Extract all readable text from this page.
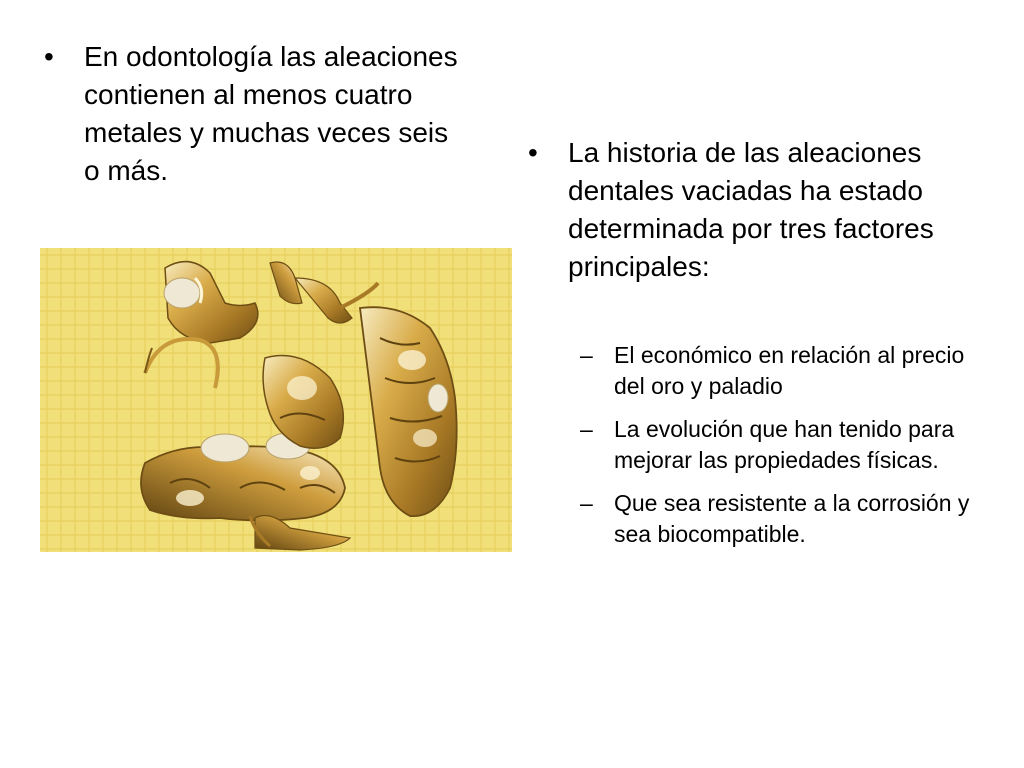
•	En odontología las aleaciones contienen al menos cuatro metales y muchas veces seis o más.
•	La historia de las aleaciones dentales vaciadas ha estado determinada por tres factores principales:
– El económico en relación al precio del oro y paladio
– La evolución que han tenido para mejorar las propiedades físicas.
– Que sea resistente a la corrosión y sea biocompatible.
